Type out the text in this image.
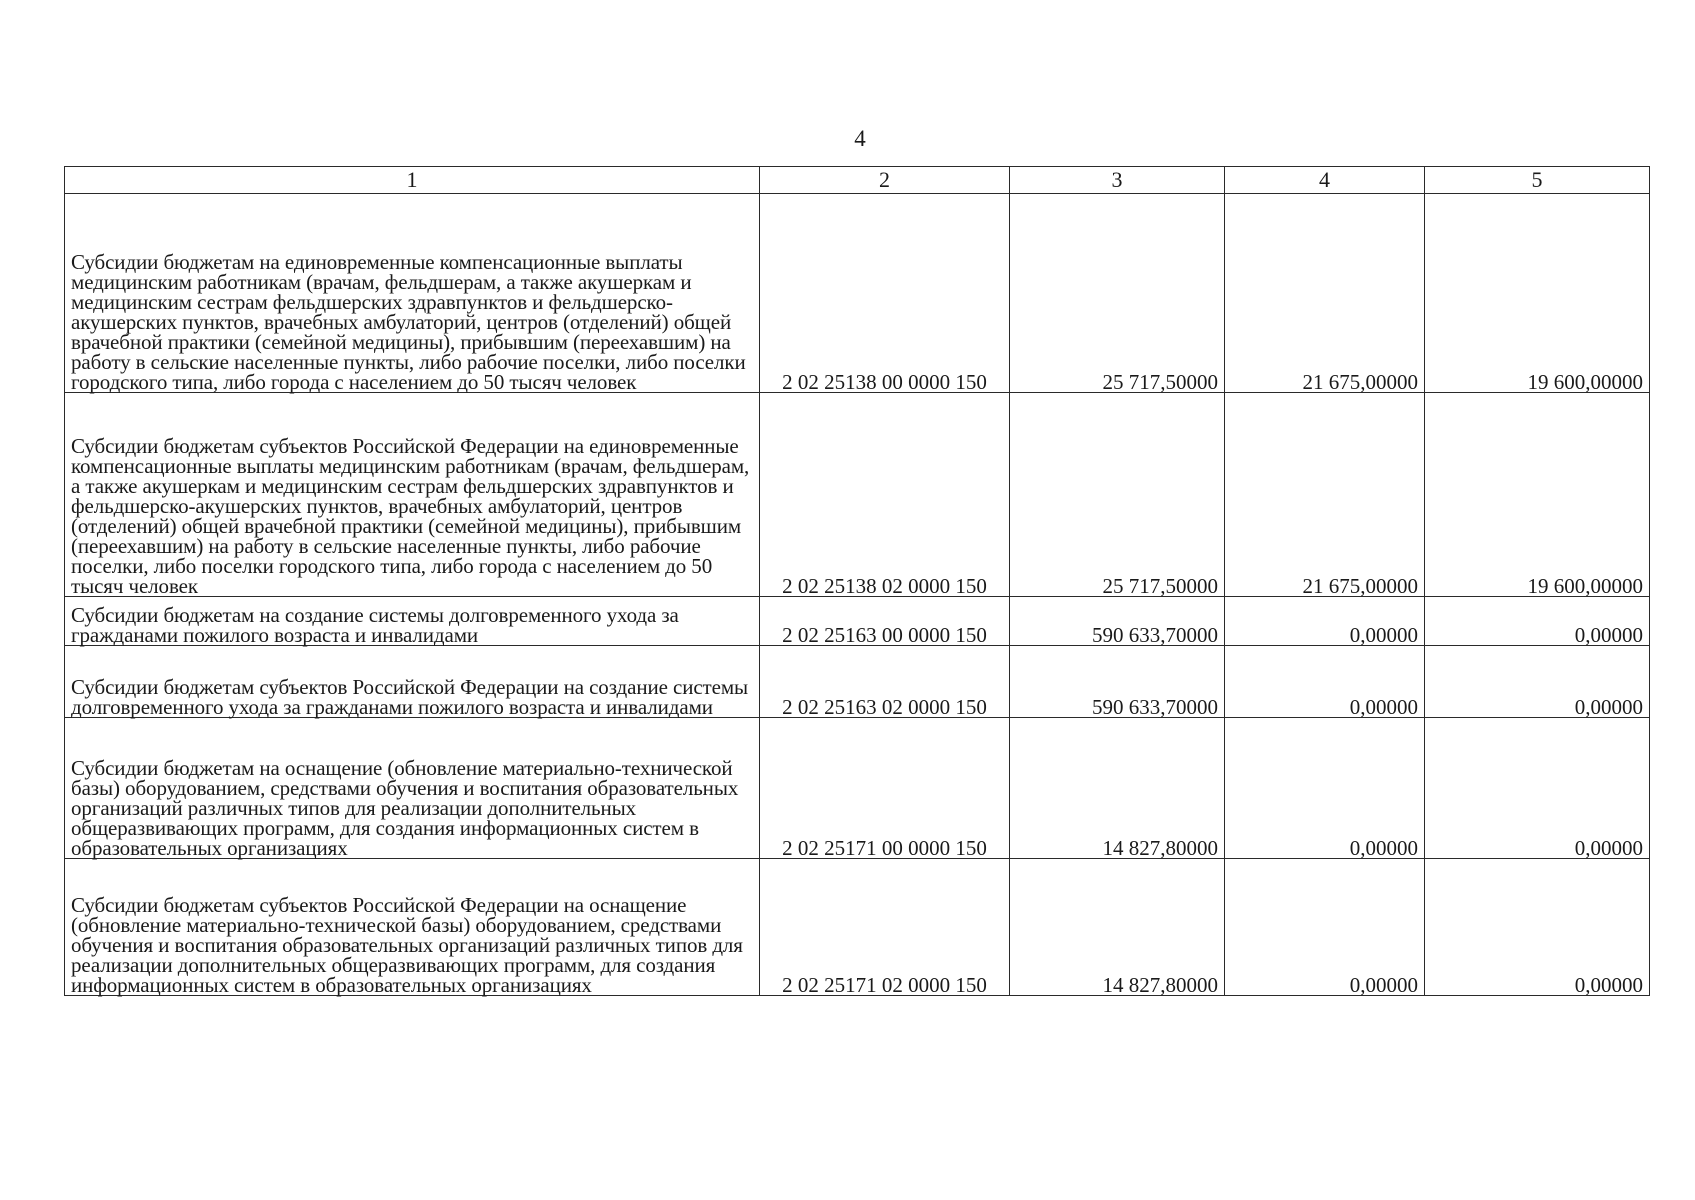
4
1	2	3	4	5
Субсидии бюджетам на единовременные компенсационные выплаты медицинским работникам (врачам, фельдшерам, а также акушеркам и медицинским сестрам фельдшерских здравпунктов и фельдшерско-акушерских пунктов, врачебных амбулаторий, центров (отделений) общей врачебной практики (семейной медицины), прибывшим (переехавшим) на работу в сельские населенные пункты, либо рабочие поселки, либо поселки городского типа, либо города с населением до 50 тысяч человек	2 02 25138 00 0000 150	25 717,50000	21 675,00000	19 600,00000
Субсидии бюджетам субъектов Российской Федерации на единовременные компенсационные выплаты медицинским работникам (врачам, фельдшерам, а также акушеркам и медицинским сестрам фельдшерских здравпунктов и фельдшерско-акушерских пунктов, врачебных амбулаторий, центров (отделений) общей врачебной практики (семейной медицины), прибывшим (переехавшим) на работу в сельские населенные пункты, либо рабочие поселки, либо поселки городского типа, либо города с населением до 50 тысяч человек	2 02 25138 02 0000 150	25 717,50000	21 675,00000	19 600,00000
Субсидии бюджетам на создание системы долговременного ухода за гражданами пожилого возраста и инвалидами	2 02 25163 00 0000 150	590 633,70000	0,00000	0,00000
Субсидии бюджетам субъектов Российской Федерации на создание системы долговременного ухода за гражданами пожилого возраста и инвалидами	2 02 25163 02 0000 150	590 633,70000	0,00000	0,00000
Субсидии бюджетам на оснащение (обновление материально-технической базы) оборудованием, средствами обучения и воспитания образовательных организаций различных типов для реализации дополнительных общеразвивающих программ, для создания информационных систем в образовательных организациях	2 02 25171 00 0000 150	14 827,80000	0,00000	0,00000
Субсидии бюджетам субъектов Российской Федерации на оснащение (обновление материально-технической базы) оборудованием, средствами обучения и воспитания образовательных организаций различных типов для реализации дополнительных общеразвивающих программ, для создания информационных систем в образовательных организациях	2 02 25171 02 0000 150	14 827,80000	0,00000	0,00000
